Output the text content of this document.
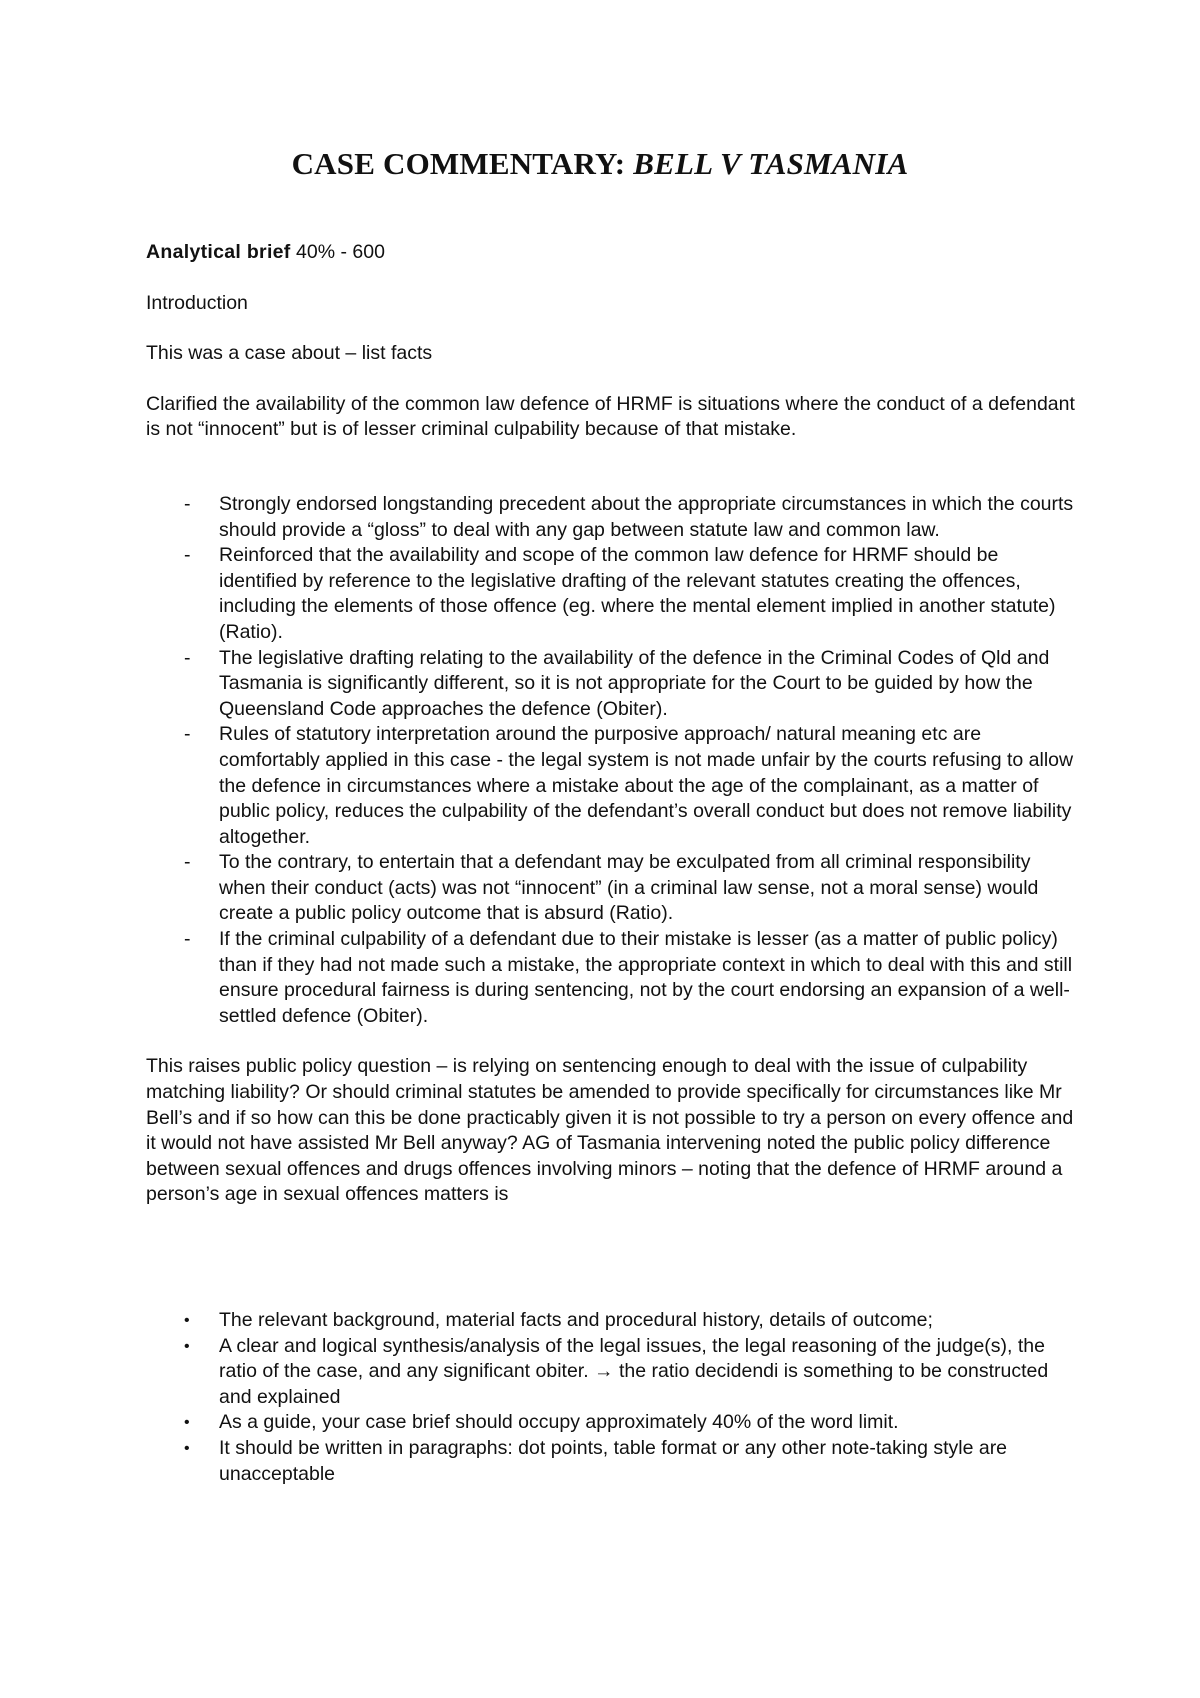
CASE COMMENTARY: BELL V TASMANIA

Analytical brief 40% - 600

Introduction

This was a case about – list facts

Clarified the availability of the common law defence of HRMF is situations where the conduct of a defendant is not “innocent” but is of lesser criminal culpability because of that mistake.

- Strongly endorsed longstanding precedent about the appropriate circumstances in which the courts should provide a “gloss” to deal with any gap between statute law and common law.
- Reinforced that the availability and scope of the common law defence for HRMF should be identified by reference to the legislative drafting of the relevant statutes creating the offences, including the elements of those offence (eg. where the mental element implied in another statute) (Ratio).
- The legislative drafting relating to the availability of the defence in the Criminal Codes of Qld and Tasmania is significantly different, so it is not appropriate for the Court to be guided by how the Queensland Code approaches the defence (Obiter).
- Rules of statutory interpretation around the purposive approach/ natural meaning etc are comfortably applied in this case - the legal system is not made unfair by the courts refusing to allow the defence in circumstances where a mistake about the age of the complainant, as a matter of public policy, reduces the culpability of the defendant’s overall conduct but does not remove liability altogether.
- To the contrary, to entertain that a defendant may be exculpated from all criminal responsibility when their conduct (acts) was not “innocent” (in a criminal law sense, not a moral sense) would create a public policy outcome that is absurd (Ratio).
- If the criminal culpability of a defendant due to their mistake is lesser (as a matter of public policy) than if they had not made such a mistake, the appropriate context in which to deal with this and still ensure procedural fairness is during sentencing, not by the court endorsing an expansion of a well-settled defence (Obiter).

This raises public policy question – is relying on sentencing enough to deal with the issue of culpability matching liability? Or should criminal statutes be amended to provide specifically for circumstances like Mr Bell’s and if so how can this be done practicably given it is not possible to try a person on every offence and it would not have assisted Mr Bell anyway? AG of Tasmania intervening noted the public policy difference between sexual offences and drugs offences involving minors – noting that the defence of HRMF around a person’s age in sexual offences matters is

• The relevant background, material facts and procedural history, details of outcome;
• A clear and logical synthesis/analysis of the legal issues, the legal reasoning of the judge(s), the ratio of the case, and any significant obiter. → the ratio decidendi is something to be constructed and explained
• As a guide, your case brief should occupy approximately 40% of the word limit.
• It should be written in paragraphs: dot points, table format or any other note-taking style are unacceptable
